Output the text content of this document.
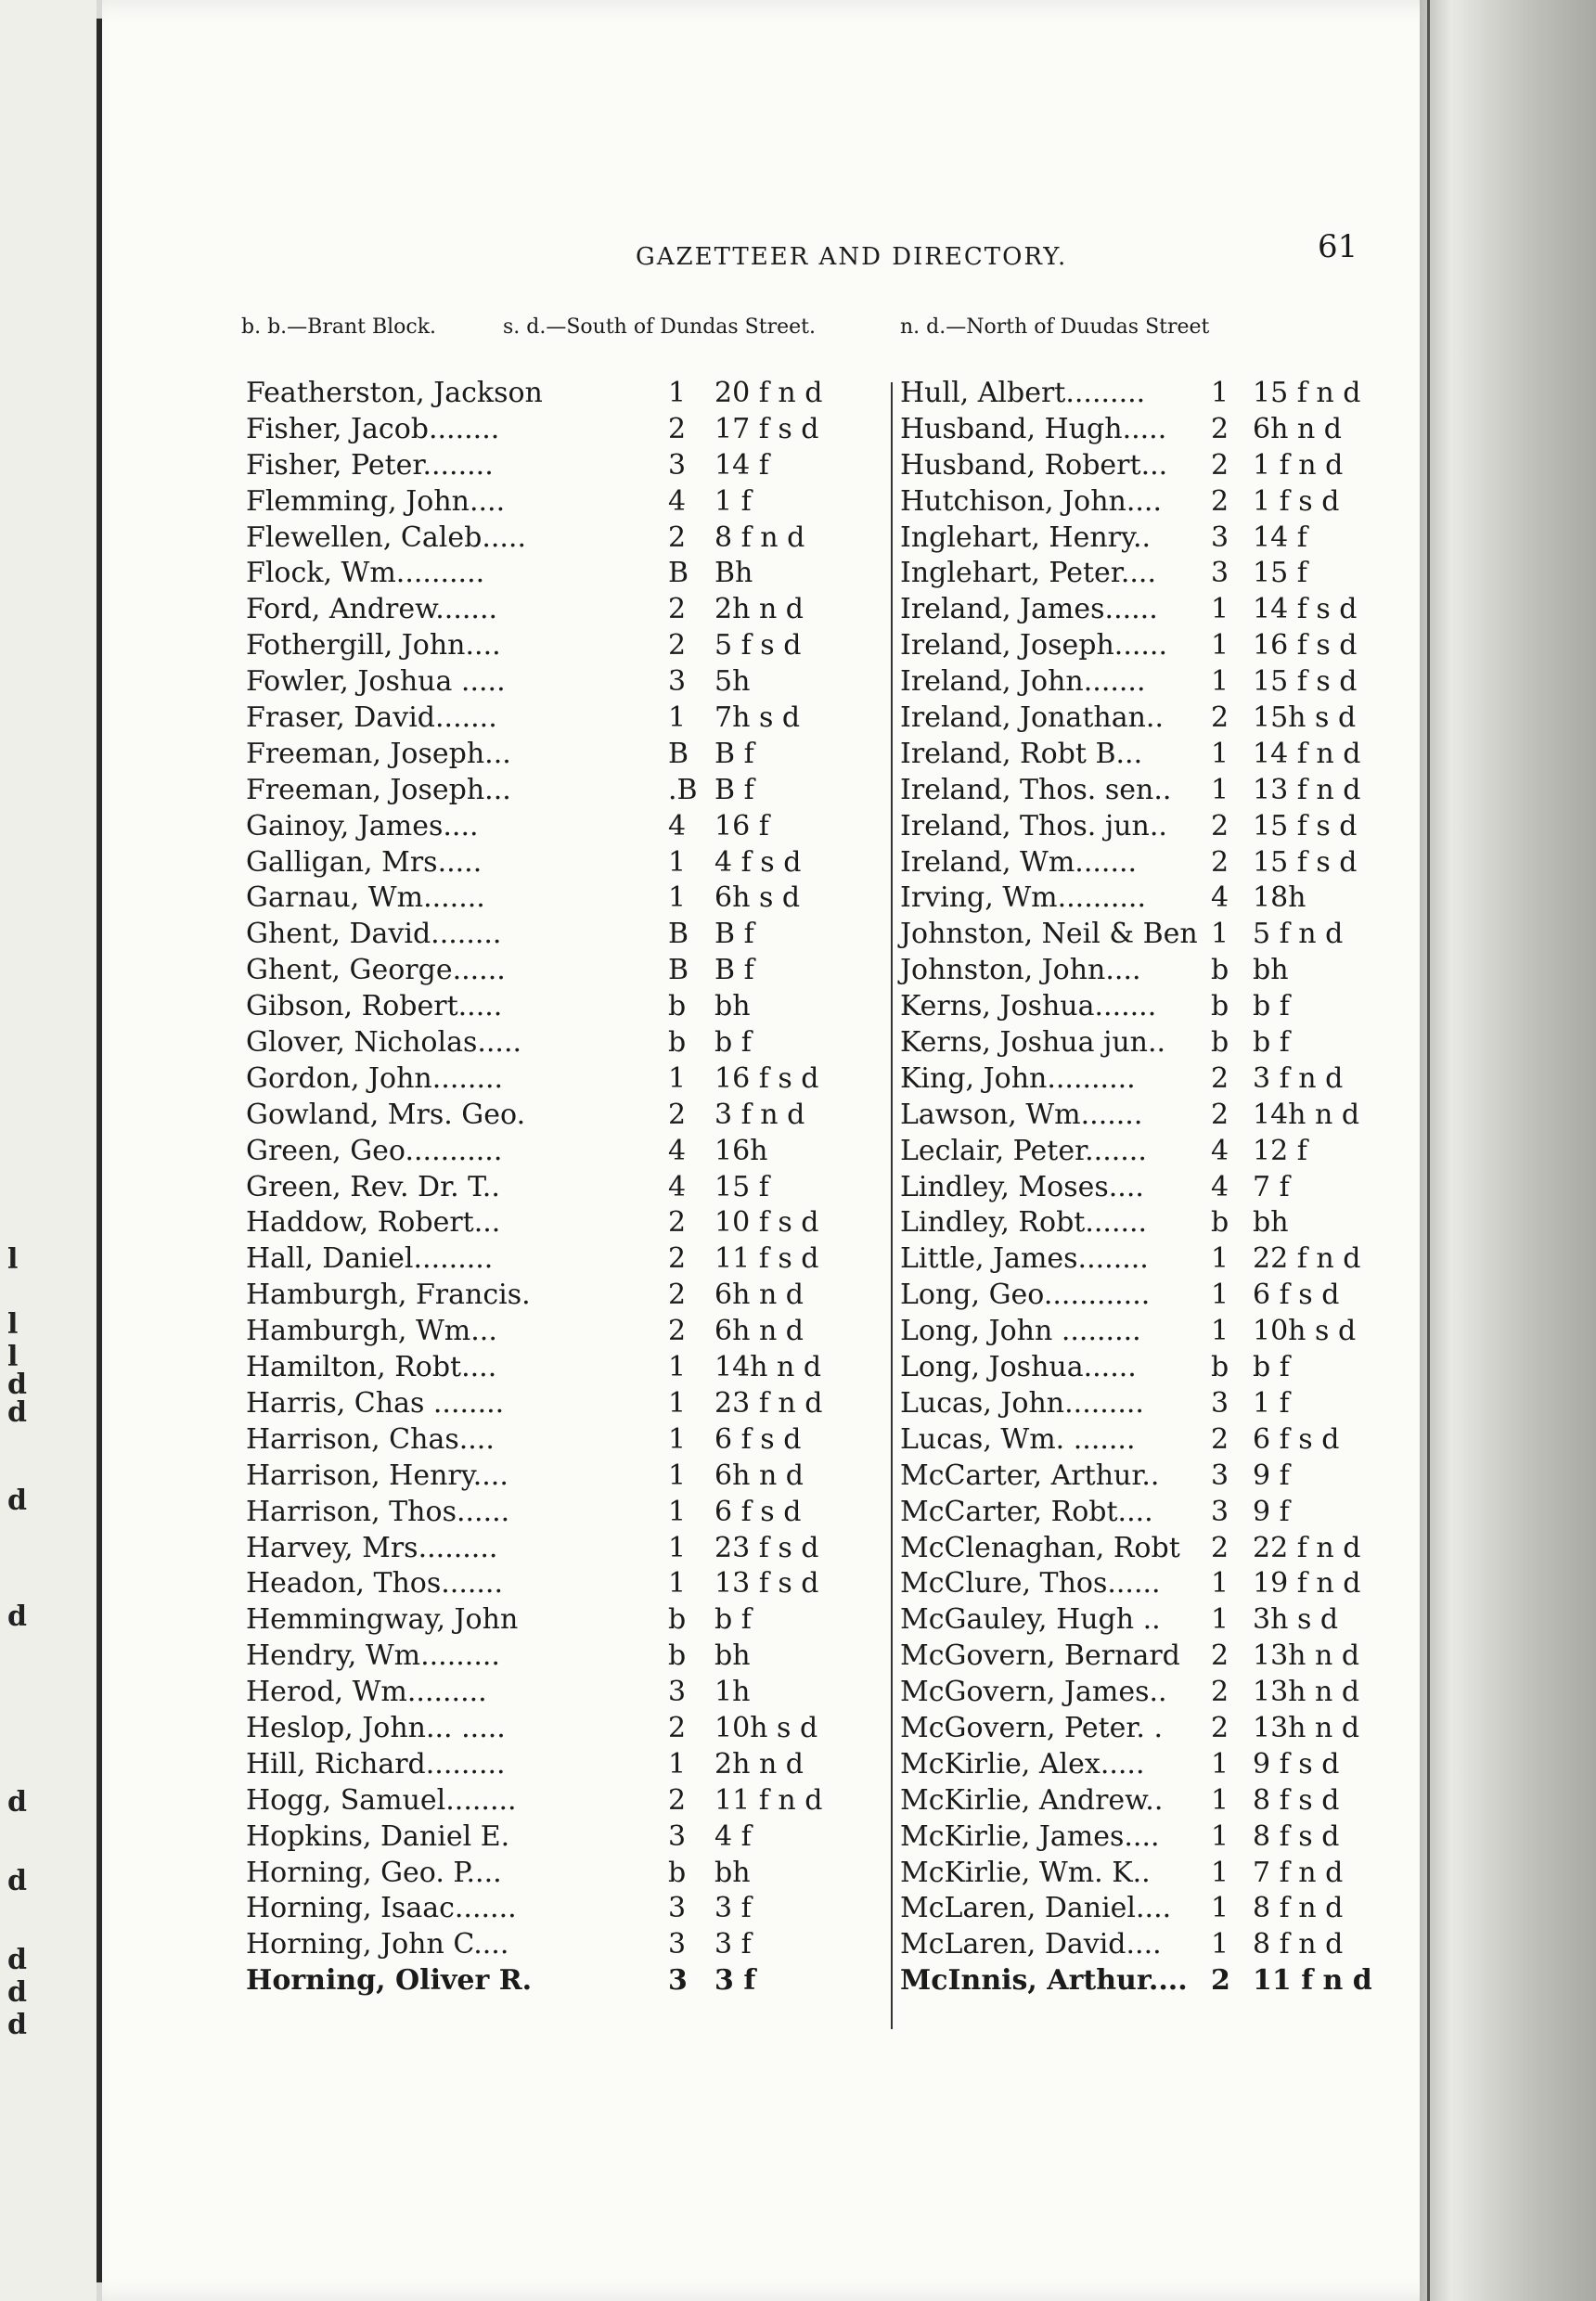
l
l
l
d
d
d
d
d
d
d
d
d
GAZETTEER AND DIRECTORY.	61
b. b.—Brant Block.	s. d.—South of Dundas Street.	n. d.—North of Duudas Street
Featherston, Jackson	1 20 f n d
Fisher, Jacob........	2 17 f s d
Fisher, Peter........	3 14 f
Flemming, John....	4 1 f
Flewellen, Caleb.....	2 8 f n d
Flock, Wm..........	B Bh
Ford, Andrew.......	2 2h n d
Fothergill, John....	2 5 f s d
Fowler, Joshua .....	3 5h
Fraser, David.......	1 7h s d
Freeman, Joseph...	B B f
Freeman, Joseph...	.B B f
Gainoy, James....	4 16 f
Galligan, Mrs.....	1 4 f s d
Garnau, Wm.......	1 6h s d
Ghent, David........	B B f
Ghent, George......	B B f
Gibson, Robert.....	b bh
Glover, Nicholas.....	b b f
Gordon, John........	1 16 f s d
Gowland, Mrs. Geo.	2 3 f n d
Green, Geo...........	4 16h
Green, Rev. Dr. T..	4 15 f
Haddow, Robert...	2 10 f s d
Hall, Daniel.........	2 11 f s d
Hamburgh, Francis.	2 6h n d
Hamburgh, Wm...	2 6h n d
Hamilton, Robt....	1 14h n d
Harris, Chas ........	1 23 f n d
Harrison, Chas....	1 6 f s d
Harrison, Henry....	1 6h n d
Harrison, Thos......	1 6 f s d
Harvey, Mrs.........	1 23 f s d
Headon, Thos.......	1 13 f s d
Hemmingway, John	b b f
Hendry, Wm.........	b bh
Herod, Wm.........	3 1h
Heslop, John... .....	2 10h s d
Hill, Richard.........	1 2h n d
Hogg, Samuel........	2 11 f n d
Hopkins, Daniel E.	3 4 f
Horning, Geo. P....	b bh
Horning, Isaac.......	3 3 f
Horning, John C....	3 3 f
Horning, Oliver R.	3 3 f
Hull, Albert......... 1 15 f n d
Husband, Hugh..... 2 6h n d
Husband, Robert... 2 1 f n d
Hutchison, John.... 2 1 f s d
Inglehart, Henry.. 3 14 f
Inglehart, Peter.... 3 15 f
Ireland, James...... 1 14 f s d
Ireland, Joseph...... 1 16 f s d
Ireland, John....... 1 15 f s d
Ireland, Jonathan.. 2 15h s d
Ireland, Robt B... 1 14 f n d
Ireland, Thos. sen.. 1 13 f n d
Ireland, Thos. jun.. 2 15 f s d
Ireland, Wm.......	2 15 f s d
Irving, Wm.......... 4 18h
Johnston, Neil & Ben 1 5 f n d
Johnston, John....	b bh
Kerns, Joshua....... b b f
Kerns, Joshua jun.. b b f
King, John..........	2 3 f n d
Lawson, Wm....... 2 14h n d
Leclair, Peter....... 4 12 f
Lindley, Moses.... 4 7 f
Lindley, Robt....... b bh
Little, James........ 1 22 f n d
Long, Geo............ 1 6 f s d
Long, John .........	1 10h s d
Long, Joshua......	b b f
Lucas, John......... 3 1 f
Lucas, Wm. .......	2 6 f s d
McCarter, Arthur.. 3 9 f
McCarter, Robt.... 3 9 f
McClenaghan, Robt 2 22 f n d
McClure, Thos...... 1 19 f n d
McGauley, Hugh .. 1 3h s d
McGovern, Bernard 2 13h n d
McGovern, James.. 2 13h n d
McGovern, Peter. . 2 13h n d
McKirlie, Alex..... 1 9 f s d
McKirlie, Andrew.. 1 8 f s d
McKirlie, James.... 1 8 f s d
McKirlie, Wm. K.. 1 7 f n d
McLaren, Daniel.... 1 8 f n d
McLaren, David.... 1 8 f n d
McInnis, Arthur.... 2 11 f n d
